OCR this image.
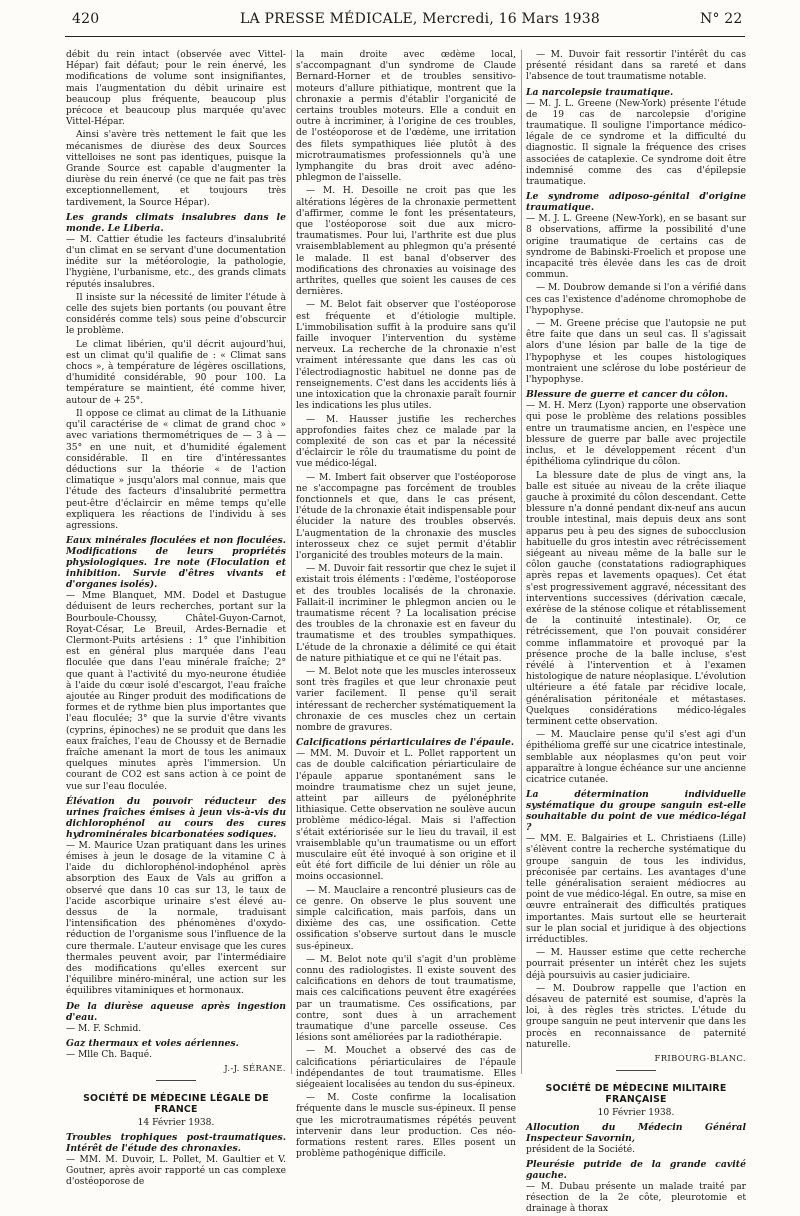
420	LA PRESSE MÉDICALE, Mercredi, 16 Mars 1938	N° 22

débit du rein intact (observée avec Vittel-Hépar) fait défaut; pour le rein énervé, les modifications de volume sont insignifiantes, mais l'augmentation du débit urinaire est beaucoup plus fréquente, beaucoup plus précoce et beaucoup plus marquée qu'avec Vittel-Hépar.

Ainsi s'avère très nettement le fait que les mécanismes de diurèse des deux Sources vittelloises ne sont pas identiques, puisque la Grande Source est capable d'augmenter la diurèse du rein énervé (ce que ne fait pas très exceptionnellement, et toujours très tardivement, la Source Hépar).

Les grands climats insalubres dans le monde. Le Liberia.

— M. Cattier étudie les facteurs d'insalubrité d'un climat en se servant d'une documentation inédite sur la météorologie, la pathologie, l'hygiène, l'urbanisme, etc., des grands climats réputés insalubres.

Il insiste sur la nécessité de limiter l'étude à celle des sujets bien portants (ou pouvant être considérés comme tels) sous peine d'obscurcir le problème.

Le climat libérien, qu'il décrit aujourd'hui, est un climat qu'il qualifie de : « Climat sans chocs », à température de légères oscillations, d'humidité considérable, 90 pour 100. La température se maintient, été comme hiver, autour de + 25°.

Il oppose ce climat au climat de la Lithuanie qu'il caractérise de « climat de grand choc » avec variations thermométriques de — 3 à — 35° en une nuit, et d'humidité également considérable. Il en tire d'intéressantes déductions sur la théorie « de l'action climatique » jusqu'alors mal connue, mais que l'étude des facteurs d'insalubrité permettra peut-être d'éclaircir en même temps qu'elle expliquera les réactions de l'individu à ses agressions.

Eaux minérales floculées et non floculées. Modifications de leurs propriétés physiologiques. 1re note (Floculation et inhibition. Survie d'êtres vivants et d'organes isolés).

— Mme Blanquet, MM. Dodel et Dastugue déduisent de leurs recherches, portant sur la Bourboule-Choussy, Châtel-Guyon-Carnot, Royat-César, Le Breuil, Ardes-Bernadie et Clermont-Puits artésiens : 1° que l'inhibition est en général plus marquée dans l'eau floculée que dans l'eau minérale fraîche; 2° que quant à l'activité du myo-neurone étudiée à l'aide du cœur isolé d'escargot, l'eau fraîche ajoutée au Ringer produit des modifications de formes et de rythme bien plus importantes que l'eau floculée; 3° que la survie d'être vivants (cyprins, épinoches) ne se produit que dans les eaux fraîches, l'eau de Choussy et de Bernadie fraîche amenant la mort de tous les animaux quelques minutes après l'immersion. Un courant de CO2 est sans action à ce point de vue sur l'eau floculée.

Élévation du pouvoir réducteur des urines fraîches émises à jeun vis-à-vis du dichlorophénol au cours des cures hydrominérales bicarbonatées sodiques.

— M. Maurice Uzan pratiquant dans les urines émises à jeun le dosage de la vitamine C à l'aide du dichlorophénol-indophénol après absorption des Eaux de Vals au griffon a observé que dans 10 cas sur 13, le taux de l'acide ascorbique urinaire s'est élevé au-dessus de la normale, traduisant l'intensification des phénomènes d'oxydo-réduction de l'organisme sous l'influence de la cure thermale. L'auteur envisage que les cures thermales peuvent avoir, par l'intermédiaire des modifications qu'elles exercent sur l'équilibre minéro-minéral, une action sur les équilibres vitaminiques et hormonaux.

De la diurèse aqueuse après ingestion d'eau.

— M. F. Schmid.

Gaz thermaux et voies aériennes.

— Mlle Ch. Baqué.

J.-J. SÉRANE.

SOCIÉTÉ DE MÉDECINE LÉGALE DE FRANCE

14 Février 1938.

Troubles trophiques post-traumatiques. Intérêt de l'étude des chronaxies.

— MM. M. Duvoir, L. Pollet, M. Gaultier et V. Goutner, après avoir rapporté un cas complexe d'ostéoporose de

la main droite avec œdème local, s'accompagnant d'un syndrome de Claude Bernard-Horner et de troubles sensitivo-moteurs d'allure pithiatique, montrent que la chronaxie a permis d'établir l'organicité de certains troubles moteurs. Elle a conduit en outre à incriminer, à l'origine de ces troubles, de l'ostéoporose et de l'œdème, une irritation des filets sympathiques liée plutôt à des microtraumatismes professionnels qu'à une lymphangite du bras droit avec adéno-phlegmon de l'aisselle.

— M. H. Desoille ne croit pas que les altérations légères de la chronaxie permettent d'affirmer, comme le font les présentateurs, que l'ostéoporose soit due aux micro-traumatismes. Pour lui, l'arthrite est due plus vraisemblablement au phlegmon qu'a présenté le malade. Il est banal d'observer des modifications des chronaxies au voisinage des arthrites, quelles que soient les causes de ces dernières.

— M. Belot fait observer que l'ostéoporose est fréquente et d'étiologie multiple. L'immobilisation suffit à la produire sans qu'il faille invoquer l'intervention du système nerveux. La recherche de la chronaxie n'est vraiment intéressante que dans les cas où l'électrodiagnostic habituel ne donne pas de renseignements. C'est dans les accidents liés à une intoxication que la chronaxie paraît fournir les indications les plus utiles.

— M. Hausser justifie les recherches approfondies faites chez ce malade par la complexité de son cas et par la nécessité d'éclaircir le rôle du traumatisme du point de vue médico-légal.

— M. Imbert fait observer que l'ostéoporose ne s'accompagne pas forcément de troubles fonctionnels et que, dans le cas présent, l'étude de la chronaxie était indispensable pour élucider la nature des troubles observés. L'augmentation de la chronaxie des muscles interosseux chez ce sujet permit d'établir l'organicité des troubles moteurs de la main.

— M. Duvoir fait ressortir que chez le sujet il existait trois éléments : l'œdème, l'ostéoporose et des troubles localisés de la chronaxie. Fallait-il incriminer le phlegmon ancien ou le traumatisme récent ? La localisation précise des troubles de la chronaxie est en faveur du traumatisme et des troubles sympathiques. L'étude de la chronaxie a délimité ce qui était de nature pithiatique et ce qui ne l'était pas.

— M. Belot note que les muscles interosseux sont très fragiles et que leur chronaxie peut varier facilement. Il pense qu'il serait intéressant de rechercher systématiquement la chronaxie de ces muscles chez un certain nombre de gravures.

Calcifications périarticulaires de l'épaule.

— MM. M. Duvoir et L. Pollet rapportent un cas de double calcification périarticulaire de l'épaule apparue spontanément sans le moindre traumatisme chez un sujet jeune, atteint par ailleurs de pyélonéphrite lithiasique. Cette observation ne soulève aucun problème médico-légal. Mais si l'affection s'était extériorisée sur le lieu du travail, il est vraisemblable qu'un traumatisme ou un effort musculaire eût été invoqué à son origine et il eût été fort difficile de lui dénier un rôle au moins occasionnel.

— M. Mauclaire a rencontré plusieurs cas de ce genre. On observe le plus souvent une simple calcification, mais parfois, dans un dixième des cas, une ossification. Cette ossification s'observe surtout dans le muscle sus-épineux.

— M. Belot note qu'il s'agit d'un problème connu des radiologistes. Il existe souvent des calcifications en dehors de tout traumatisme, mais ces calcifications peuvent être exagérées par un traumatisme. Ces ossifications, par contre, sont dues à un arrachement traumatique d'une parcelle osseuse. Ces lésions sont améliorées par la radiothérapie.

— M. Mouchet a observé des cas de calcifications périarticulaires de l'épaule indépendantes de tout traumatisme. Elles siégeaient localisées au tendon du sus-épineux.

— M. Coste confirme la localisation fréquente dans le muscle sus-épineux. Il pense que les microtraumatismes répétés peuvent intervenir dans leur production. Ces néo-formations restent rares. Elles posent un problème pathogénique difficile.

— M. Duvoir fait ressortir l'intérêt du cas présenté résidant dans sa rareté et dans l'absence de tout traumatisme notable.

La narcolepsie traumatique.

— M. J. L. Greene (New-York) présente l'étude de 19 cas de narcolepsie d'origine traumatique. Il souligne l'importance médico-légale de ce syndrome et la difficulté du diagnostic. Il signale la fréquence des crises associées de cataplexie. Ce syndrome doit être indemnisé comme des cas d'épilepsie traumatique.

Le syndrome adiposo-génital d'origine traumatique.

— M. J. L. Greene (New-York), en se basant sur 8 observations, affirme la possibilité d'une origine traumatique de certains cas de syndrome de Babinski-Froelich et propose une incapacité très élevée dans les cas de droit commun.

— M. Doubrow demande si l'on a vérifié dans ces cas l'existence d'adénome chromophobe de l'hypophyse.

— M. Greene précise que l'autopsie ne put être faite que dans un seul cas. Il s'agissait alors d'une lésion par balle de la tige de l'hypophyse et les coupes histologiques montraient une sclérose du lobe postérieur de l'hypophyse.

Blessure de guerre et cancer du côlon.

— M. H. Merz (Lyon) rapporte une observation qui pose le problème des relations possibles entre un traumatisme ancien, en l'espèce une blessure de guerre par balle avec projectile inclus, et le développement récent d'un épithélioma cylindrique du côlon.

La blessure date de plus de vingt ans, la balle est située au niveau de la crête iliaque gauche à proximité du côlon descendant. Cette blessure n'a donné pendant dix-neuf ans aucun trouble intestinal, mais depuis deux ans sont apparus peu à peu des signes de subocclusion habituelle du gros intestin avec rétrécissement siégeant au niveau même de la balle sur le côlon gauche (constatations radiographiques après repas et lavements opaques). Cet état s'est progressivement aggravé, nécessitant des interventions successives (dérivation cæcale, exérèse de la sténose colique et rétablissement de la continuité intestinale). Or, ce rétrécissement, que l'on pouvait considérer comme inflammatoire et provoqué par la présence proche de la balle incluse, s'est révélé à l'intervention et à l'examen histologique de nature néoplasique. L'évolution ultérieure a été fatale par récidive locale, généralisation péritonéale et métastases. Quelques considérations médico-légales terminent cette observation.

— M. Mauclaire pense qu'il s'est agi d'un épithélioma greffé sur une cicatrice intestinale, semblable aux néoplasmes qu'on peut voir apparaître à longue échéance sur une ancienne cicatrice cutanée.

La détermination individuelle systématique du groupe sanguin est-elle souhaitable du point de vue médico-légal ?

— MM. E. Balgairies et L. Christiaens (Lille) s'élèvent contre la recherche systématique du groupe sanguin de tous les individus, préconisée par certains. Les avantages d'une telle généralisation seraient médiocres au point de vue médico-légal. En outre, sa mise en œuvre entraînerait des difficultés pratiques importantes. Mais surtout elle se heurterait sur le plan social et juridique à des objections irréductibles.

— M. Hausser estime que cette recherche pourrait présenter un intérêt chez les sujets déjà poursuivis au casier judiciaire.

— M. Doubrow rappelle que l'action en désaveu de paternité est soumise, d'après la loi, à des règles très strictes. L'étude du groupe sanguin ne peut intervenir que dans les procès en reconnaissance de paternité naturelle.

FRIBOURG-BLANC.

SOCIÉTÉ DE MÉDECINE MILITAIRE FRANÇAISE

10 Février 1938.

Allocution du Médecin Général Inspecteur Savornin,

président de la Société.

Pleurésie putride de la grande cavité gauche.

— M. Dubau présente un malade traité par résection de la 2e côte, pleurotomie et drainage à thorax
